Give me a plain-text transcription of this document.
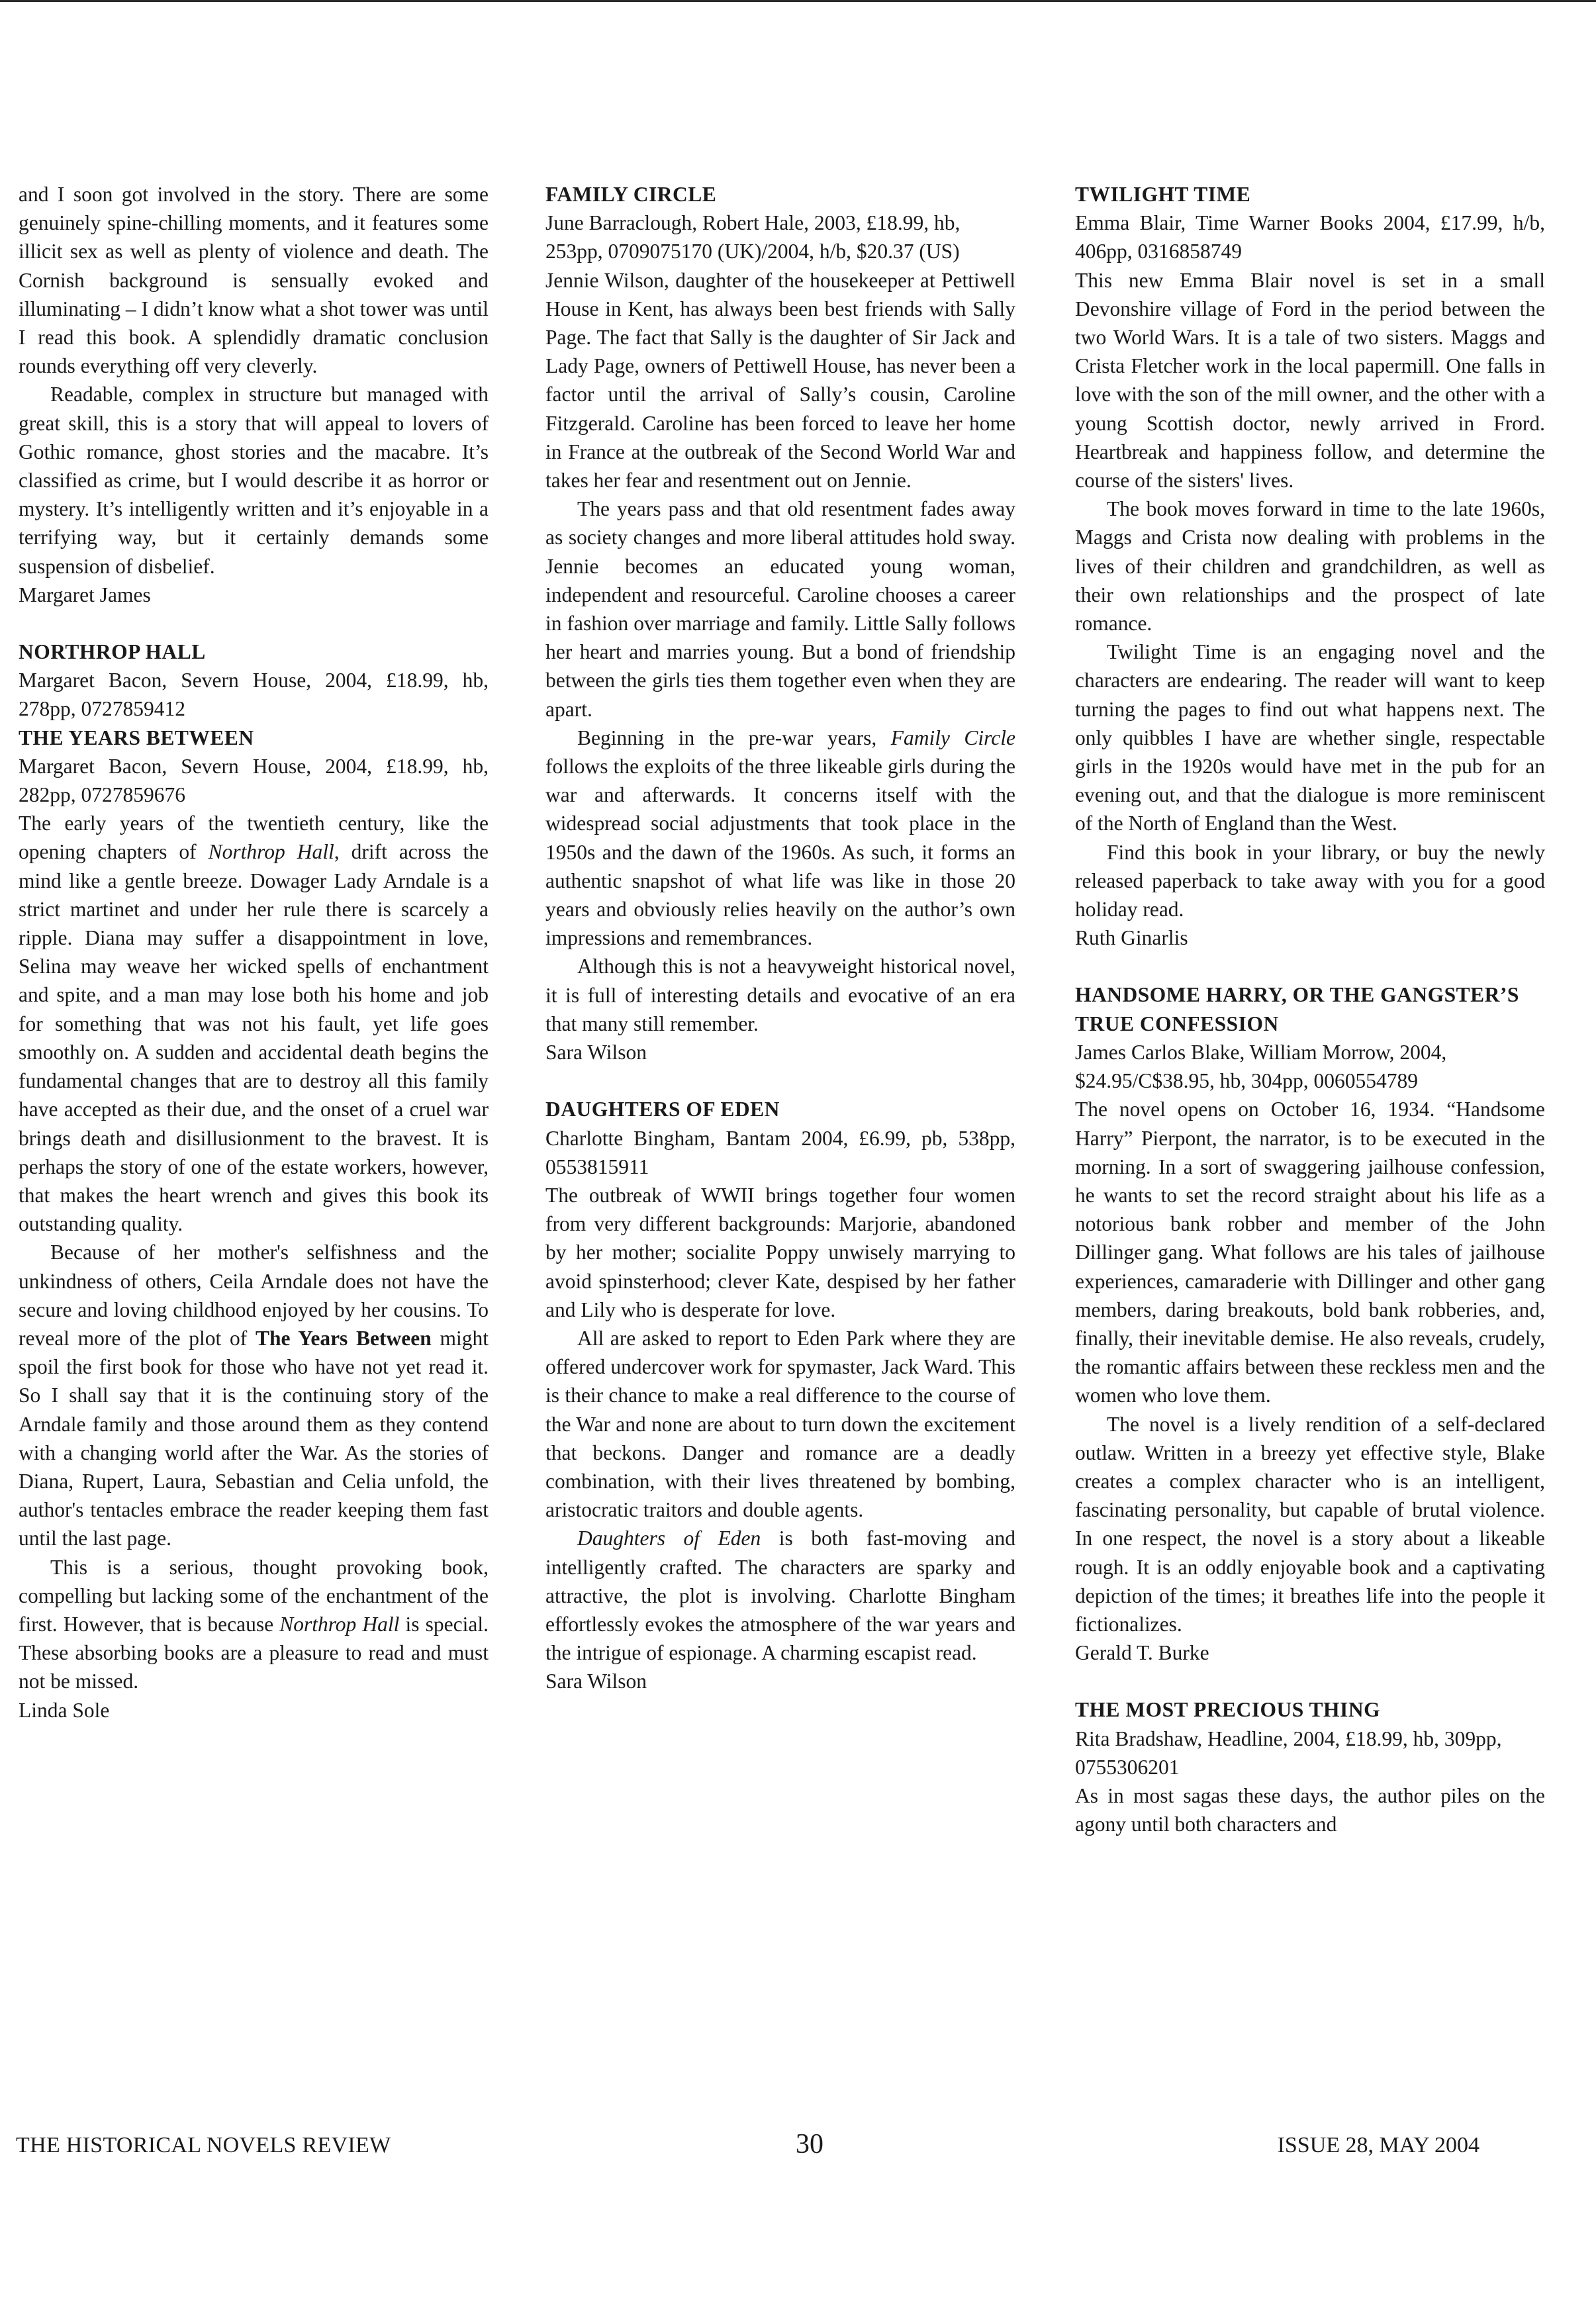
and I soon got involved in the story. There are some genuinely spine-chilling moments, and it features some illicit sex as well as plenty of violence and death. The Cornish background is sensually evoked and illuminating – I didn’t know what a shot tower was until I read this book. A splendidly dramatic conclusion rounds everything off very cleverly.

Readable, complex in structure but managed with great skill, this is a story that will appeal to lovers of Gothic romance, ghost stories and the macabre. It’s classified as crime, but I would describe it as horror or mystery. It’s intelligently written and it’s enjoyable in a terrifying way, but it certainly demands some suspension of disbelief.

Margaret James

NORTHROP HALL

Margaret Bacon, Severn House, 2004, £18.99, hb, 278pp, 0727859412

THE YEARS BETWEEN

Margaret Bacon, Severn House, 2004, £18.99, hb, 282pp, 0727859676

The early years of the twentieth century, like the opening chapters of Northrop Hall, drift across the mind like a gentle breeze. Dowager Lady Arndale is a strict martinet and under her rule there is scarcely a ripple. Diana may suffer a disappointment in love, Selina may weave her wicked spells of enchantment and spite, and a man may lose both his home and job for something that was not his fault, yet life goes smoothly on. A sudden and accidental death begins the fundamental changes that are to destroy all this family have accepted as their due, and the onset of a cruel war brings death and disillusionment to the bravest. It is perhaps the story of one of the estate workers, however, that makes the heart wrench and gives this book its outstanding quality.

Because of her mother's selfishness and the unkindness of others, Ceila Arndale does not have the secure and loving childhood enjoyed by her cousins. To reveal more of the plot of The Years Between might spoil the first book for those who have not yet read it. So I shall say that it is the continuing story of the Arndale family and those around them as they contend with a changing world after the War. As the stories of Diana, Rupert, Laura, Sebastian and Celia unfold, the author's tentacles embrace the reader keeping them fast until the last page.

This is a serious, thought provoking book, compelling but lacking some of the enchantment of the first. However, that is because Northrop Hall is special. These absorbing books are a pleasure to read and must not be missed.

Linda Sole

FAMILY CIRCLE

June Barraclough, Robert Hale, 2003, £18.99, hb, 253pp, 0709075170 (UK)/2004, h/b, $20.37 (US)

Jennie Wilson, daughter of the housekeeper at Pettiwell House in Kent, has always been best friends with Sally Page. The fact that Sally is the daughter of Sir Jack and Lady Page, owners of Pettiwell House, has never been a factor until the arrival of Sally’s cousin, Caroline Fitzgerald. Caroline has been forced to leave her home in France at the outbreak of the Second World War and takes her fear and resentment out on Jennie.

The years pass and that old resentment fades away as society changes and more liberal attitudes hold sway. Jennie becomes an educated young woman, independent and resourceful. Caroline chooses a career in fashion over marriage and family. Little Sally follows her heart and marries young. But a bond of friendship between the girls ties them together even when they are apart.

Beginning in the pre-war years, Family Circle follows the exploits of the three likeable girls during the war and afterwards. It concerns itself with the widespread social adjustments that took place in the 1950s and the dawn of the 1960s. As such, it forms an authentic snapshot of what life was like in those 20 years and obviously relies heavily on the author’s own impressions and remembrances.

Although this is not a heavyweight historical novel, it is full of interesting details and evocative of an era that many still remember.

Sara Wilson

DAUGHTERS OF EDEN

Charlotte Bingham, Bantam 2004, £6.99, pb, 538pp, 0553815911

The outbreak of WWII brings together four women from very different backgrounds: Marjorie, abandoned by her mother; socialite Poppy unwisely marrying to avoid spinsterhood; clever Kate, despised by her father and Lily who is desperate for love.

All are asked to report to Eden Park where they are offered undercover work for spymaster, Jack Ward. This is their chance to make a real difference to the course of the War and none are about to turn down the excitement that beckons. Danger and romance are a deadly combination, with their lives threatened by bombing, aristocratic traitors and double agents.

Daughters of Eden is both fast-moving and intelligently crafted. The characters are sparky and attractive, the plot is involving. Charlotte Bingham effortlessly evokes the atmosphere of the war years and the intrigue of espionage. A charming escapist read.

Sara Wilson

TWILIGHT TIME

Emma Blair, Time Warner Books 2004, £17.99, h/b, 406pp, 0316858749

This new Emma Blair novel is set in a small Devonshire village of Ford in the period between the two World Wars. It is a tale of two sisters. Maggs and Crista Fletcher work in the local papermill. One falls in love with the son of the mill owner, and the other with a young Scottish doctor, newly arrived in Frord. Heartbreak and happiness follow, and determine the course of the sisters' lives.

The book moves forward in time to the late 1960s, Maggs and Crista now dealing with problems in the lives of their children and grandchildren, as well as their own relationships and the prospect of late romance.

Twilight Time is an engaging novel and the characters are endearing. The reader will want to keep turning the pages to find out what happens next. The only quibbles I have are whether single, respectable girls in the 1920s would have met in the pub for an evening out, and that the dialogue is more reminiscent of the North of England than the West.

Find this book in your library, or buy the newly released paperback to take away with you for a good holiday read.

Ruth Ginarlis

HANDSOME HARRY, OR THE GANGSTER’S TRUE CONFESSION

James Carlos Blake, William Morrow, 2004, $24.95/C$38.95, hb, 304pp, 0060554789

The novel opens on October 16, 1934. “Handsome Harry” Pierpont, the narrator, is to be executed in the morning. In a sort of swaggering jailhouse confession, he wants to set the record straight about his life as a notorious bank robber and member of the John Dillinger gang. What follows are his tales of jailhouse experiences, camaraderie with Dillinger and other gang members, daring breakouts, bold bank robberies, and, finally, their inevitable demise. He also reveals, crudely, the romantic affairs between these reckless men and the women who love them.

The novel is a lively rendition of a self-declared outlaw. Written in a breezy yet effective style, Blake creates a complex character who is an intelligent, fascinating personality, but capable of brutal violence. In one respect, the novel is a story about a likeable rough. It is an oddly enjoyable book and a captivating depiction of the times; it breathes life into the people it fictionalizes.

Gerald T. Burke

THE MOST PRECIOUS THING

Rita Bradshaw, Headline, 2004, £18.99, hb, 309pp, 0755306201

As in most sagas these days, the author piles on the agony until both characters and

THE HISTORICAL NOVELS REVIEW	30	ISSUE 28, MAY 2004
